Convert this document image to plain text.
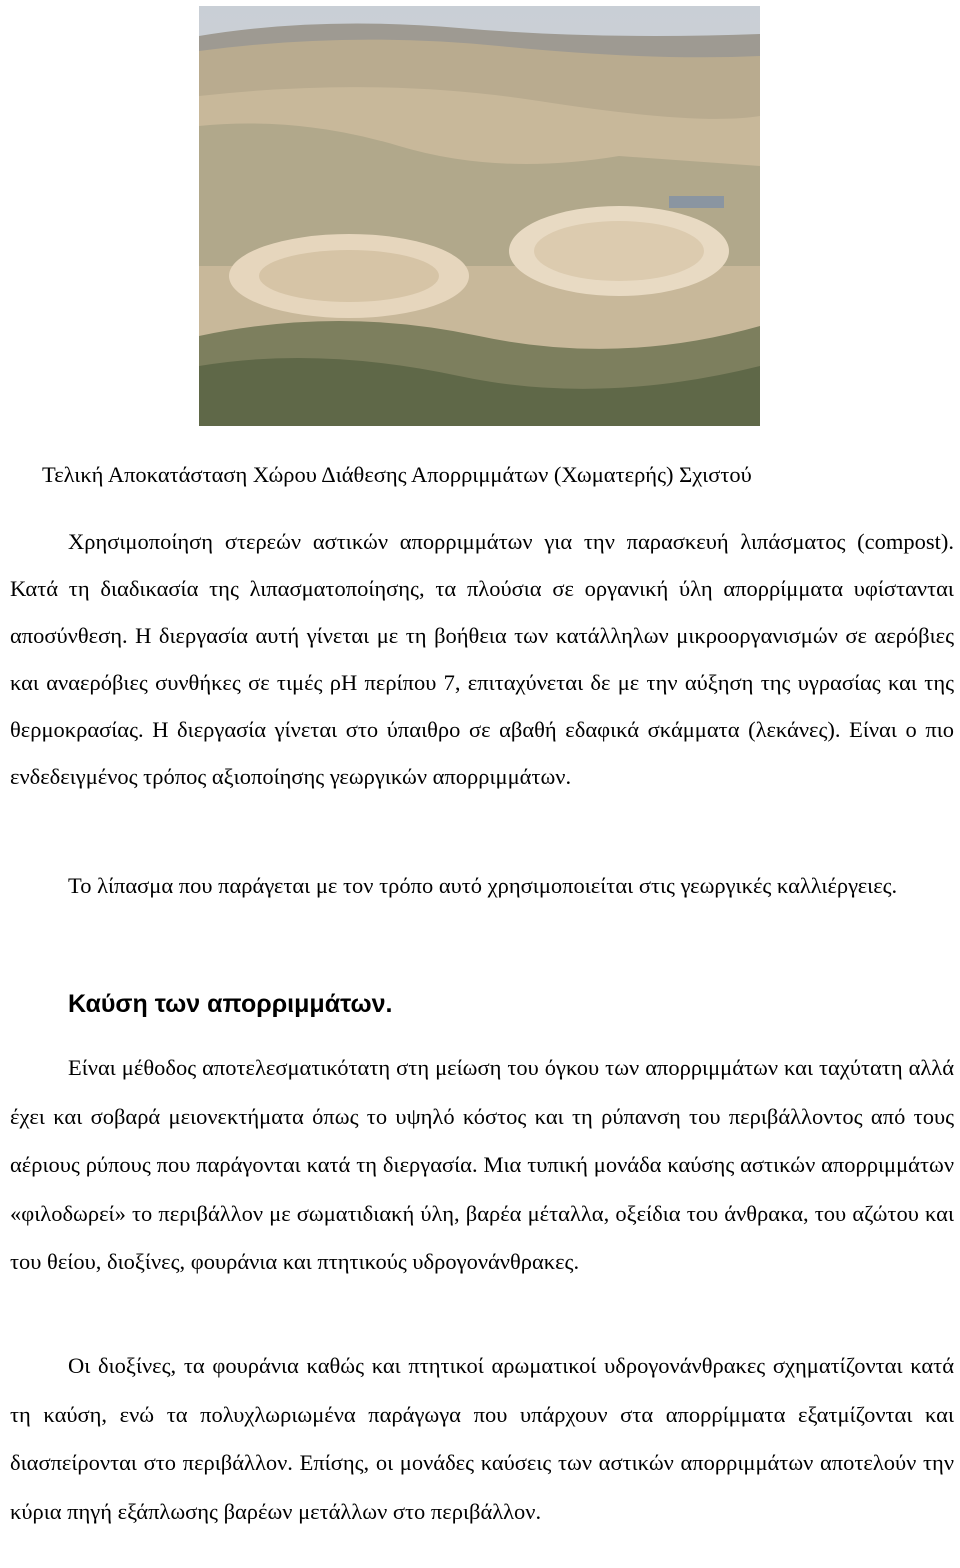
Τελική Αποκατάσταση Χώρου Διάθεσης Απορριμμάτων (Χωματερής) Σχιστού
Χρησιμοποίηση στερεών αστικών απορριμμάτων για την παρασκευή λιπάσματος (compost). Κατά τη διαδικασία της λιπασματοποίησης, τα πλούσια σε οργανική ύλη απορρίμματα υφίστανται αποσύνθεση. Η διεργασία αυτή γίνεται με τη βοήθεια των κατάλληλων μικροοργανισμών σε αερόβιες και αναερόβιες συνθήκες σε τιμές ρΗ περίπου 7, επιταχύνεται δε με την αύξηση της υγρασίας και της θερμοκρασίας. Η διεργασία γίνεται στο ύπαιθρο σε αβαθή εδαφικά σκάμματα (λεκάνες). Είναι ο πιο ενδεδειγμένος τρόπος αξιοποίησης γεωργικών απορριμμάτων.
Το λίπασμα που παράγεται με τον τρόπο αυτό χρησιμοποιείται στις γεωργικές καλλιέργειες.
Καύση των απορριμμάτων.
Είναι μέθοδος αποτελεσματικότατη στη μείωση του όγκου των απορριμμάτων και ταχύτατη αλλά έχει και σοβαρά μειονεκτήματα όπως το υψηλό κόστος και τη ρύπανση του περιβάλλοντος από τους αέριους ρύπους που παράγονται κατά τη διεργασία. Μια τυπική μονάδα καύσης αστικών απορριμμάτων «φιλοδωρεί» το περιβάλλον με σωματιδιακή ύλη, βαρέα μέταλλα, οξείδια του άνθρακα, του αζώτου και του θείου, διοξίνες, φουράνια και πτητικούς υδρογονάνθρακες.
Οι διοξίνες, τα φουράνια καθώς και πτητικοί αρωματικοί υδρογονάνθρακες σχηματίζονται κατά τη καύση, ενώ τα πολυχλωριωμένα παράγωγα που υπάρχουν στα απορρίμματα εξατμίζονται και διασπείρονται στο περιβάλλον. Επίσης, οι μονάδες καύσεις των αστικών απορριμμάτων αποτελούν την κύρια πηγή εξάπλωσης βαρέων μετάλλων στο περιβάλλον.
